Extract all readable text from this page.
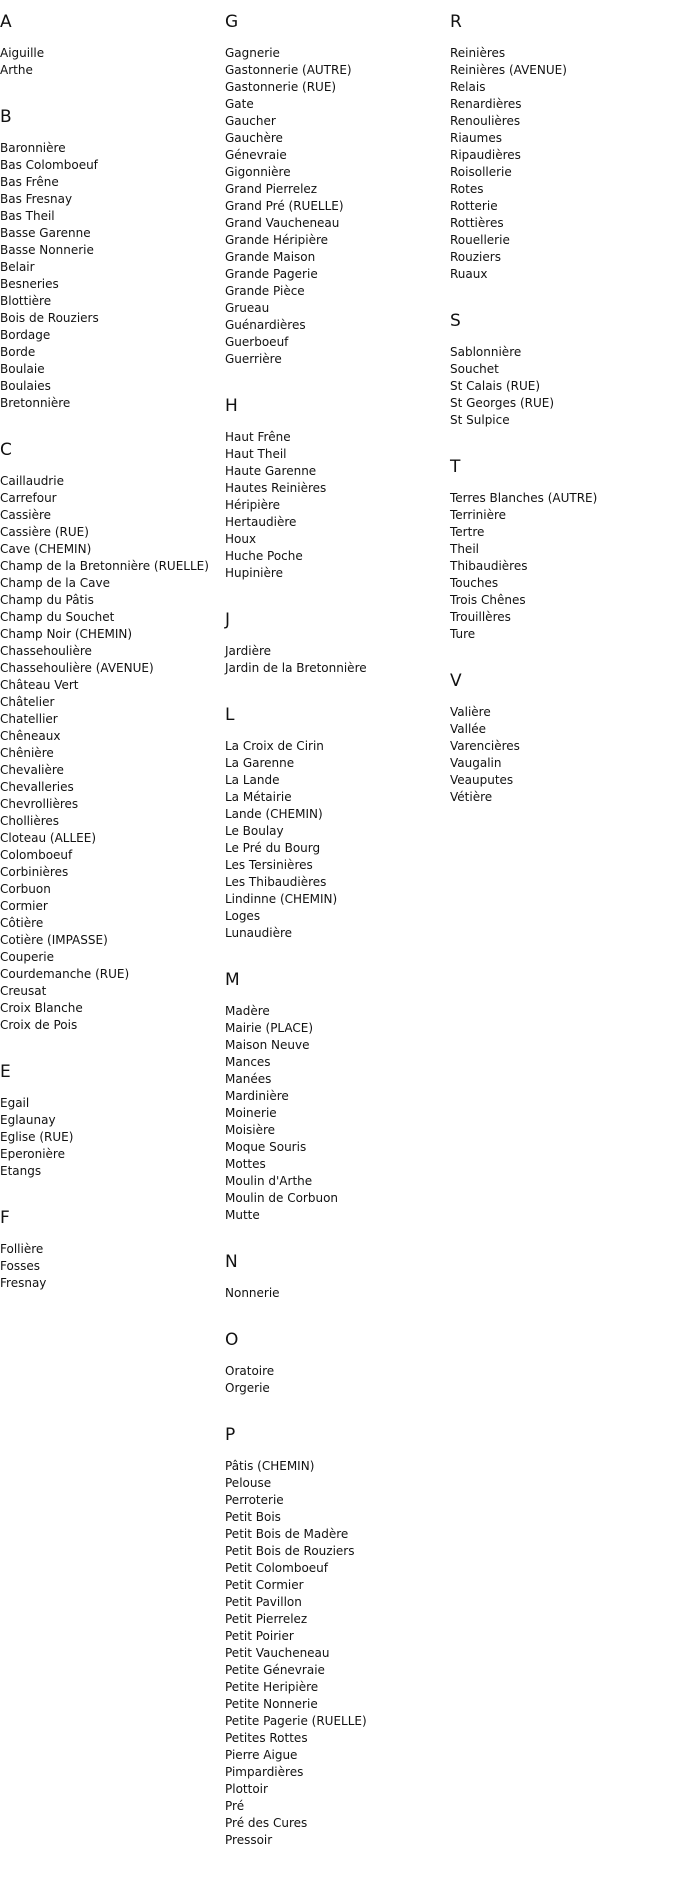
A
Aiguille
Arthe
B
Baronnière
Bas Colomboeuf
Bas Frêne
Bas Fresnay
Bas Theil
Basse Garenne
Basse Nonnerie
Belair
Besneries
Blottière
Bois de Rouziers
Bordage
Borde
Boulaie
Boulaies
Bretonnière
C
Caillaudrie
Carrefour
Cassière
Cassière (RUE)
Cave (CHEMIN)
Champ de la Bretonnière (RUELLE)
Champ de la Cave
Champ du Pâtis
Champ du Souchet
Champ Noir (CHEMIN)
Chassehoulière
Chassehoulière (AVENUE)
Château Vert
Châtelier
Chatellier
Chêneaux
Chênière
Chevalière
Chevalleries
Chevrollières
Chollières
Cloteau (ALLEE)
Colomboeuf
Corbinières
Corbuon
Cormier
Côtière
Cotière (IMPASSE)
Couperie
Courdemanche (RUE)
Creusat
Croix Blanche
Croix de Pois
E
Egail
Eglaunay
Eglise (RUE)
Eperonière
Etangs
F
Follière
Fosses
Fresnay
G
Gagnerie
Gastonnerie (AUTRE)
Gastonnerie (RUE)
Gate
Gaucher
Gauchère
Génevraie
Gigonnière
Grand Pierrelez
Grand Pré (RUELLE)
Grand Vaucheneau
Grande Héripière
Grande Maison
Grande Pagerie
Grande Pièce
Grueau
Guénardières
Guerboeuf
Guerrière
H
Haut Frêne
Haut Theil
Haute Garenne
Hautes Reinières
Héripière
Hertaudière
Houx
Huche Poche
Hupinière
J
Jardière
Jardin de la Bretonnière
L
La Croix de Cirin
La Garenne
La Lande
La Métairie
Lande (CHEMIN)
Le Boulay
Le Pré du Bourg
Les Tersinières
Les Thibaudières
Lindinne (CHEMIN)
Loges
Lunaudière
M
Madère
Mairie (PLACE)
Maison Neuve
Mances
Manées
Mardinière
Moinerie
Moisière
Moque Souris
Mottes
Moulin d'Arthe
Moulin de Corbuon
Mutte
N
Nonnerie
O
Oratoire
Orgerie
P
Pâtis (CHEMIN)
Pelouse
Perroterie
Petit Bois
Petit Bois de Madère
Petit Bois de Rouziers
Petit Colomboeuf
Petit Cormier
Petit Pavillon
Petit Pierrelez
Petit Poirier
Petit Vaucheneau
Petite Génevraie
Petite Heripière
Petite Nonnerie
Petite Pagerie (RUELLE)
Petites Rottes
Pierre Aigue
Pimpardières
Plottoir
Pré
Pré des Cures
Pressoir
R
Reinières
Reinières (AVENUE)
Relais
Renardières
Renoulières
Riaumes
Ripaudières
Roisollerie
Rotes
Rotterie
Rottières
Rouellerie
Rouziers
Ruaux
S
Sablonnière
Souchet
St Calais (RUE)
St Georges (RUE)
St Sulpice
T
Terres Blanches (AUTRE)
Terrinière
Tertre
Theil
Thibaudières
Touches
Trois Chênes
Trouillères
Ture
V
Valière
Vallée
Varencières
Vaugalin
Veauputes
Vétière
